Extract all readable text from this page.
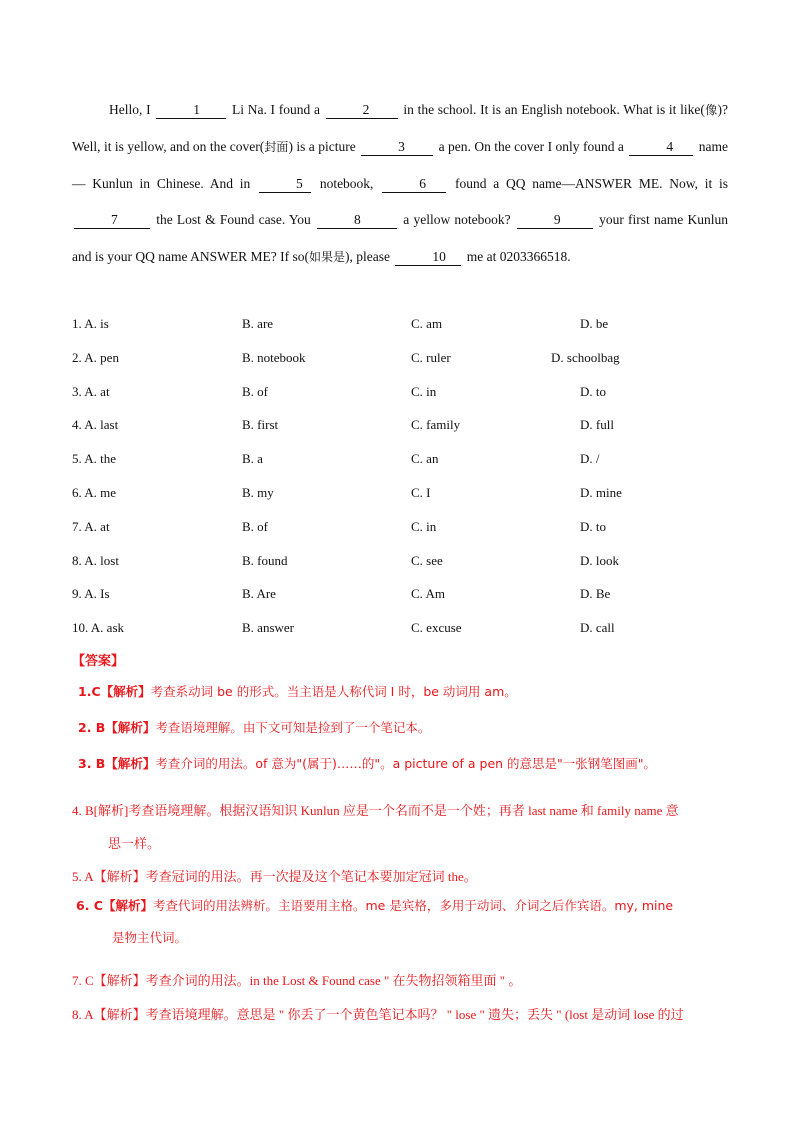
Hello, I	1 Li Na. I found a	2	in the school. It is an English notebook. What is it like(像)? Well, it is yellow, and on the cover(封面) is a picture	3 a pen. On the cover I only found a	4 name — Kunlun in Chinese. And in	5 notebook,	6 found a QQ name—ANSWER ME. Now, it is 7	the Lost & Found case. You	8	a yellow notebook?	9	your first name Kunlun and is your QQ name ANSWER ME? If so(如果是), please	10 me at 0203366518.

1. A. is	B. are	C. am	D. be
2. A. pen	B. notebook	C. ruler	D. schoolbag
3. A. at	B. of	C. in	D. to
4. A. last	B. first	C. family	D. full
5. A. the	B. a	C. an	D. /
6. A. me	B. my	C. I	D. mine
7. A. at	B. of	C. in	D. to
8. A. lost	B. found	C. see	D. look
9. A. Is	B. Are	C. Am	D. Be
10. A. ask	B. answer	C. excuse	D. call
【答案】
1.C【解析】考查系动词 be 的形式。当主语是人称代词 I 时，be 动词用 am。
2. B【解析】考查语境理解。由下文可知是捡到了一个笔记本。
3. B【解析】考查介词的用法。of 意为"(属于)……的"。a picture of a pen 的意思是"一张钢笔图画"。
4. B[解析]考查语境理解。根据汉语知识 Kunlun 应是一个名而不是一个姓；再者 last name 和 family name 意
思一样。
5. A【解析】考查冠词的用法。再一次提及这个笔记本要加定冠词 the。
6. C【解析】考查代词的用法辨析。主语要用主格。me 是宾格，多用于动词、介词之后作宾语。my, mine
是物主代词。
7. C【解析】考查介词的用法。in the Lost & Found case " 在失物招领箱里面 " 。
8. A【解析】考查语境理解。意思是 " 你丢了一个黄色笔记本吗？ " lose " 遗失；丢失 " (lost 是动词 lose 的过
